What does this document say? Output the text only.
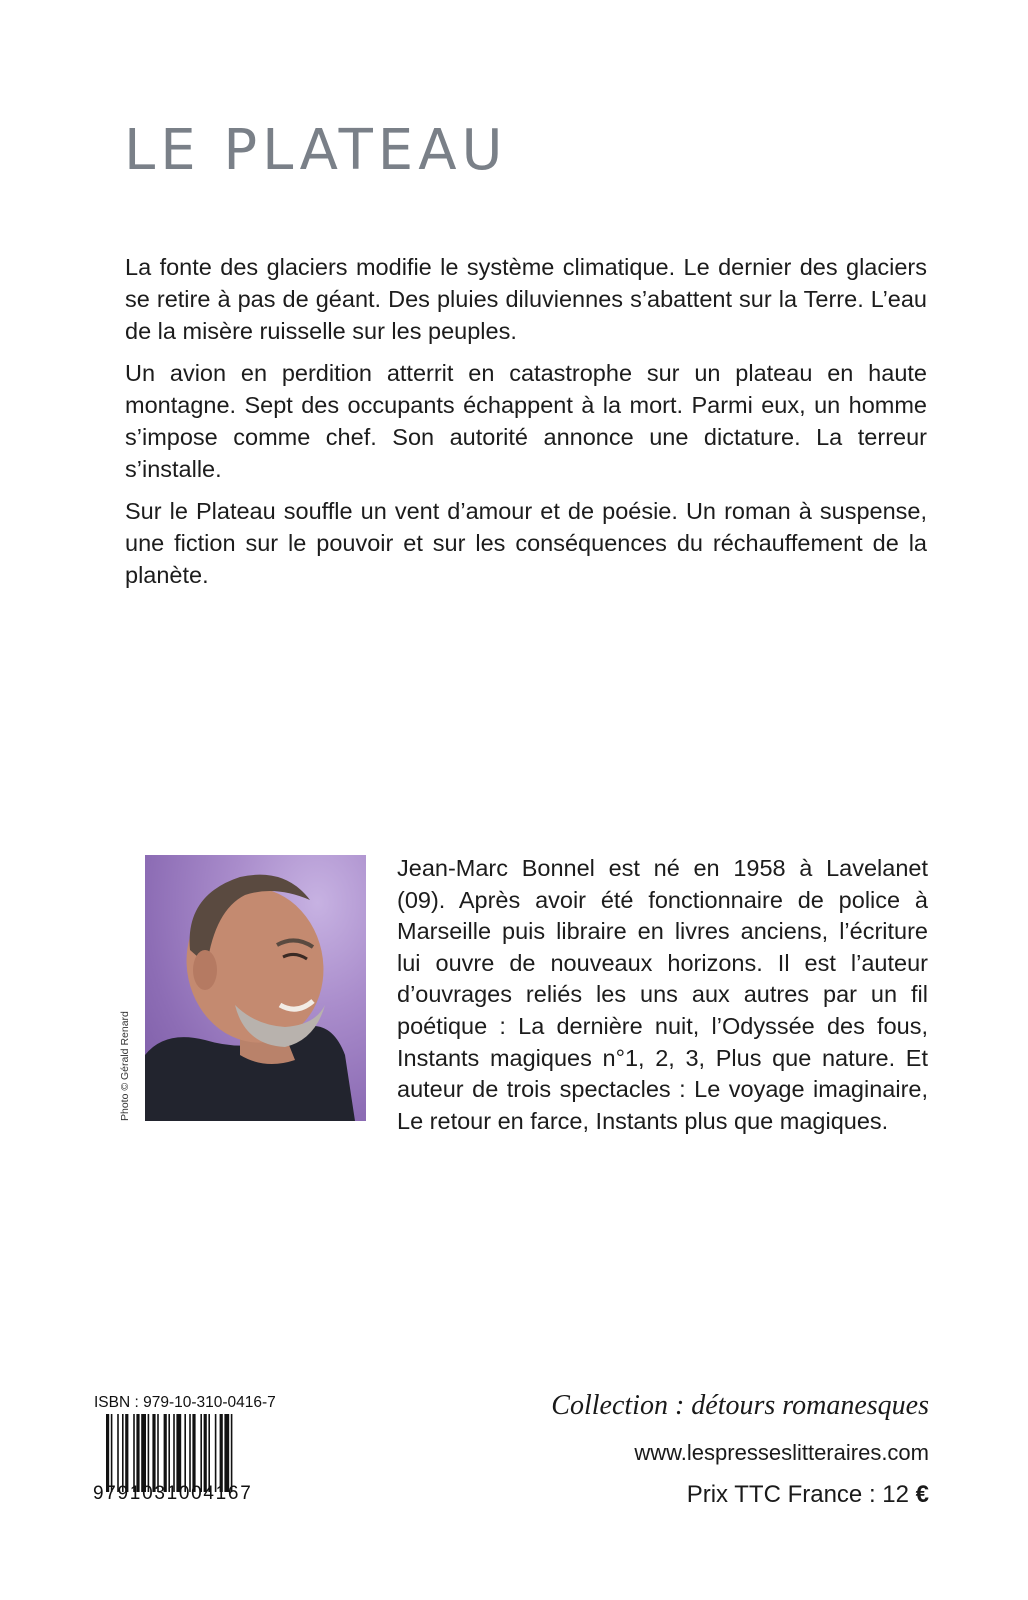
LE PLATEAU

La fonte des glaciers modifie le système climatique. Le dernier des glaciers se retire à pas de géant. Des pluies diluviennes s’abattent sur la Terre. L’eau de la misère ruisselle sur les peuples.

Un avion en perdition atterrit en catastrophe sur un plateau en haute montagne. Sept des occupants échappent à la mort. Parmi eux, un homme s’impose comme chef. Son autorité annonce une dictature. La terreur s’installe.

Sur le Plateau souffle un vent d’amour et de poésie. Un roman à suspense, une fiction sur le pouvoir et sur les conséquences du réchauffement de la planète.

Photo © Gérald Renard
Jean-Marc Bonnel est né en 1958 à Lavelanet (09). Après avoir été fonctionnaire de police à Marseille puis libraire en livres anciens, l’écriture lui ouvre de nouveaux horizons. Il est l’auteur d’ouvrages reliés les uns aux autres par un fil poétique : La dernière nuit, l’Odyssée des fous, Instants magiques n°1, 2, 3, Plus que nature. Et auteur de trois spectacles : Le voyage imaginaire, Le retour en farce, Instants plus que magiques.
ISBN : 979-10-310-0416-7
9791031004167
Collection : détours romanesques
www.lespresseslitteraires.com
Prix TTC France : 12 €
